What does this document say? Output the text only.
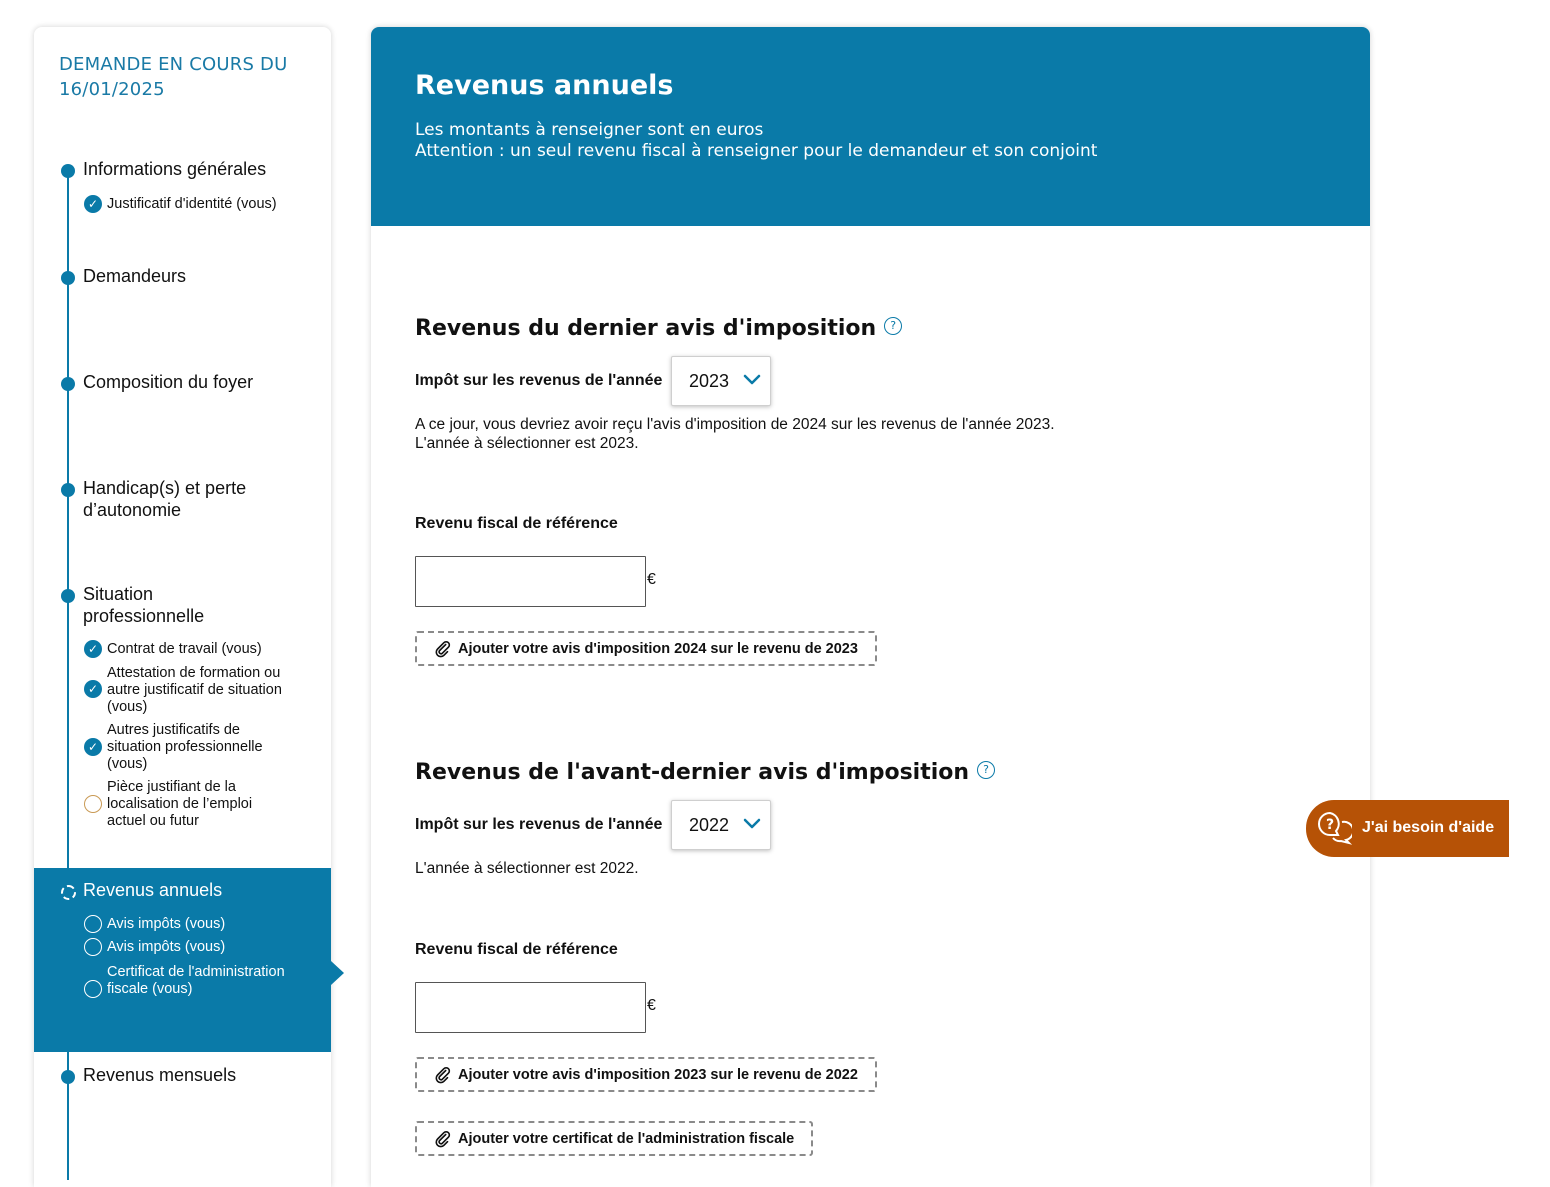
DEMANDE EN COURS DU 16/01/2025
Informations générales
✓ Justificatif d'identité (vous)
Demandeurs
Composition du foyer
Handicap(s) et perte d’autonomie
Situation professionnelle
✓ Contrat de travail (vous)
✓
Attestation de formation ou autre justificatif de situation (vous)
✓
Autres justificatifs de situation professionnelle (vous)
Pièce justifiant de la localisation de l’emploi actuel ou futur
Revenus annuels
Avis impôts (vous)
Avis impôts (vous)
Certificat de l'administration fiscale (vous)
Revenus mensuels
Revenus annuels
Les montants à renseigner sont en euros
Attention : un seul revenu fiscal à renseigner pour le demandeur et son conjoint
Revenus du dernier avis d'imposition ?
Impôt sur les revenus de l'année 2023
A ce jour, vous devriez avoir reçu l'avis d'imposition de 2024 sur les revenus de l'année 2023.
L'année à sélectionner est 2023.
Revenu fiscal de référence
€
Ajouter votre avis d'imposition 2024 sur le revenu de 2023
Revenus de l'avant-dernier avis d'imposition ?
Impôt sur les revenus de l'année 2022
L'année à sélectionner est 2022.
Revenu fiscal de référence
€
Ajouter votre avis d'imposition 2023 sur le revenu de 2022
Ajouter votre certificat de l'administration fiscale
? J'ai besoin d'aide
